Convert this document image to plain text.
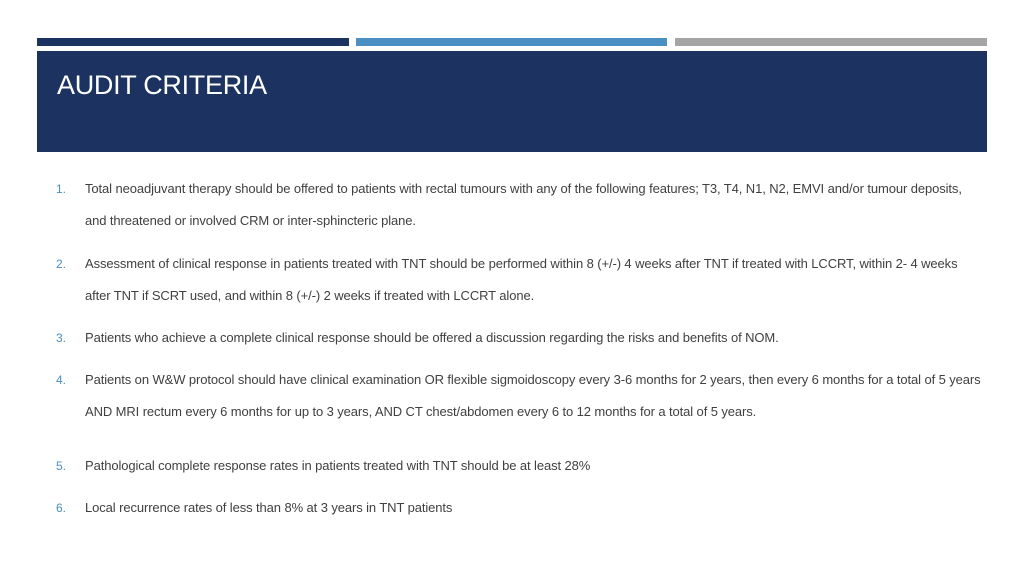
AUDIT CRITERIA
1. Total neoadjuvant therapy should be offered to patients with rectal tumours with any of the following features; T3, T4, N1, N2, EMVI and/or tumour deposits, and threatened or involved CRM or inter-sphincteric plane.
2. Assessment of clinical response in patients treated with TNT should be performed within 8 (+/-) 4 weeks after TNT if treated with LCCRT, within 2- 4 weeks after TNT if SCRT used, and within 8 (+/-) 2 weeks if treated with LCCRT alone.
3. Patients who achieve a complete clinical response should be offered a discussion regarding the risks and benefits of NOM.
4. Patients on W&W protocol should have clinical examination OR flexible sigmoidoscopy every 3-6 months for 2 years, then every 6 months for a total of 5 years AND MRI rectum every 6 months for up to 3 years, AND CT chest/abdomen every 6 to 12 months for a total of 5 years.
5. Pathological complete response rates in patients treated with TNT should be at least 28%
6. Local recurrence rates of less than 8% at 3 years in TNT patients
